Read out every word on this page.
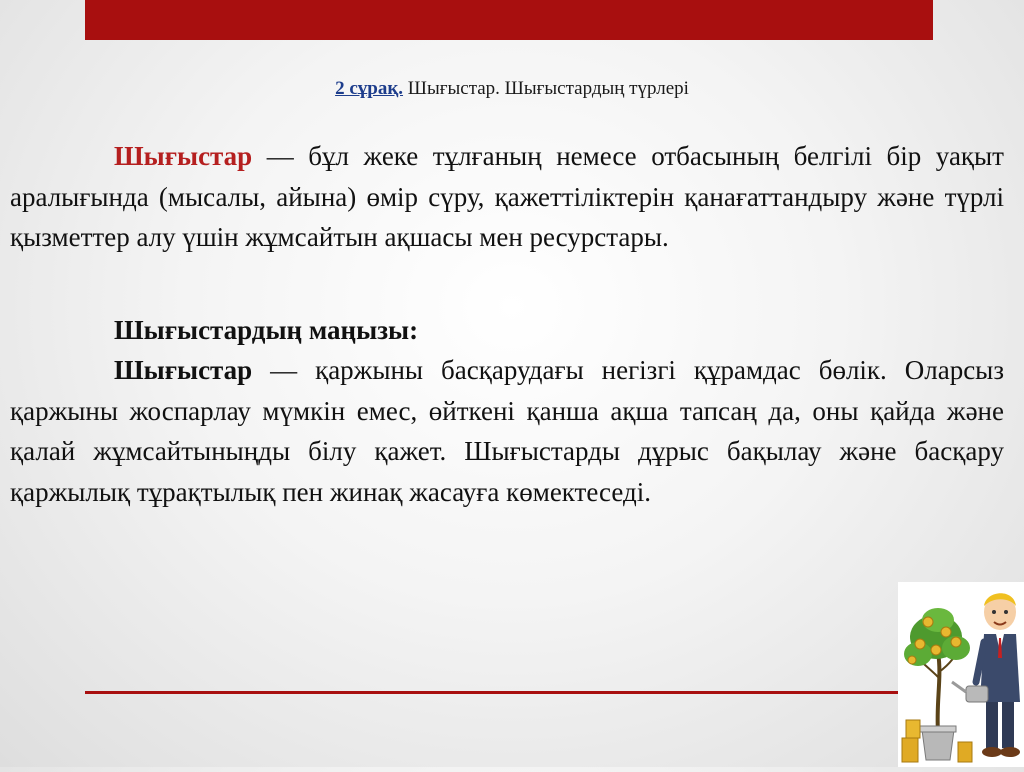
2 сұрақ. Шығыстар. Шығыстардың түрлері

Шығыстар — бұл жеке тұлғаның немесе отбасының белгілі бір уақыт аралығында (мысалы, айына) өмір сүру, қажеттіліктерін қанағаттандыру және түрлі қызметтер алу үшін жұмсайтын ақшасы мен ресурстары.

Шығыстардың маңызы:

Шығыстар — қаржыны басқарудағы негізгі құрамдас бөлік. Оларсыз қаржыны жоспарлау мүмкін емес, өйткені қанша ақша тапсаң да, оны қайда және қалай жұмсайтыныңды білу қажет. Шығыстарды дұрыс бақылау және басқару қаржылық тұрақтылық пен жинақ жасауға көмектеседі.
